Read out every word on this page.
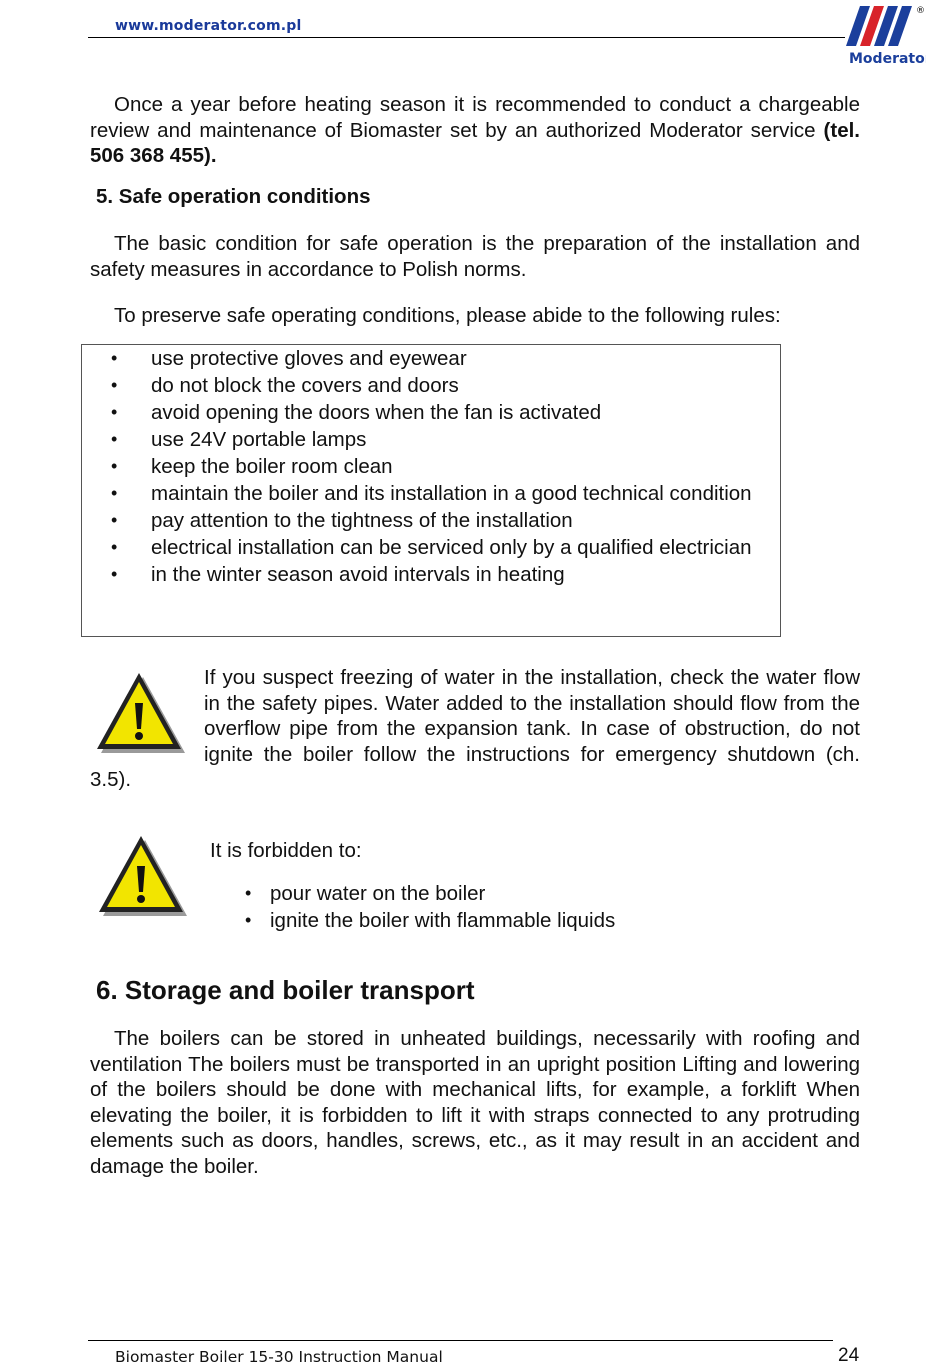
www.moderator.com.pl
®
Moderator

Once a year before heating season it is recommended to conduct a chargeable review and maintenance of Biomaster set by an authorized Moderator service (tel. 506 368 455).

5. Safe operation conditions

The basic condition for safe operation is the preparation of the installation and safety measures in accordance to Polish norms.

To preserve safe operating conditions, please abide to the following rules:

• use protective gloves and eyewear
• do not block the covers and doors
• avoid opening the doors when the fan is activated
• use 24V portable lamps
• keep the boiler room clean
• maintain the boiler and its installation in a good technical condition
• pay attention to the tightness of the installation
• electrical installation can be serviced only by a qualified electrician
• in the winter season avoid intervals in heating
If you suspect freezing of water in the installation, check the water flow in the safety pipes. Water added to the installation should flow from the overflow pipe from the expansion tank. In case of obstruction, do not ignite the boiler follow the instructions for emergency shutdown (ch. 3.5).
It is forbidden to:
• pour water on the boiler
• ignite the boiler with flammable liquids
6. Storage and boiler transport

The boilers can be stored in unheated buildings, necessarily with roofing and ventilation The boilers must be transported in an upright position Lifting and lowering of the boilers should be done with mechanical lifts, for example, a forklift When elevating the boiler, it is forbidden to lift it with straps connected to any protruding elements such as doors, handles, screws, etc., as it may result in an accident and damage the boiler.

Biomaster Boiler 15-30 Instruction Manual	24
